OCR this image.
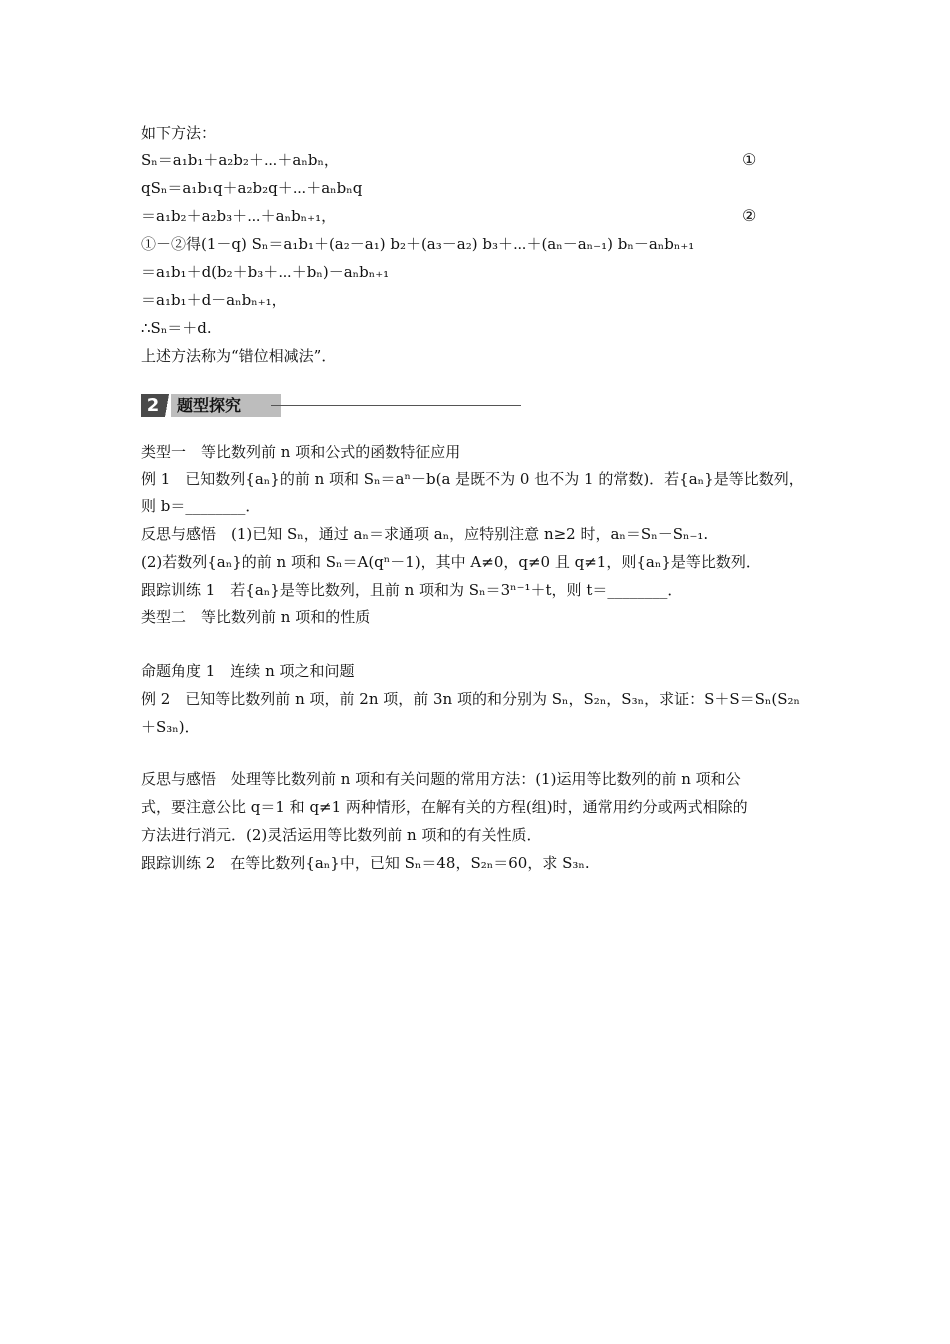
如下方法：
Sₙ＝a₁b₁＋a₂b₂＋⋯＋aₙbₙ，	①
qSₙ＝a₁b₁q＋a₂b₂q＋⋯＋aₙbₙq
＝a₁b₂＋a₂b₃＋⋯＋aₙbₙ₊₁，	②
①－②得(1－q) Sₙ＝a₁b₁＋(a₂－a₁) b₂＋(a₃－a₂) b₃＋⋯＋(aₙ－aₙ₋₁) bₙ－aₙbₙ₊₁
＝a₁b₁＋d(b₂＋b₃＋⋯＋bₙ)－aₙbₙ₊₁
＝a₁b₁＋d－aₙbₙ₊₁，
∴Sₙ＝＋d.
上述方法称为“错位相减法”．
2	题型探究
类型一　等比数列前 n 项和公式的函数特征应用
例 1　已知数列{aₙ}的前 n 项和 Sₙ＝aⁿ－b(a 是既不为 0 也不为 1 的常数)．若{aₙ}是等比数列，
则 b＝________．
反思与感悟　(1)已知 Sₙ，通过 aₙ＝求通项 aₙ，应特别注意 n≥2 时，aₙ＝Sₙ－Sₙ₋₁.
(2)若数列{aₙ}的前 n 项和 Sₙ＝A(qⁿ－1)，其中 A≠0，q≠0 且 q≠1，则{aₙ}是等比数列．
跟踪训练 1　若{aₙ}是等比数列，且前 n 项和为 Sₙ＝3ⁿ⁻¹＋t，则 t＝________．
类型二　等比数列前 n 项和的性质
命题角度 1　连续 n 项之和问题
例 2　已知等比数列前 n 项，前 2n 项，前 3n 项的和分别为 Sₙ，S₂ₙ，S₃ₙ，求证：S＋S＝Sₙ(S₂ₙ
＋S₃ₙ)．
反思与感悟　处理等比数列前 n 项和有关问题的常用方法：(1)运用等比数列的前 n 项和公
式，要注意公比 q＝1 和 q≠1 两种情形，在解有关的方程(组)时，通常用约分或两式相除的
方法进行消元．(2)灵活运用等比数列前 n 项和的有关性质．
跟踪训练 2　在等比数列{aₙ}中，已知 Sₙ＝48，S₂ₙ＝60，求 S₃ₙ.
